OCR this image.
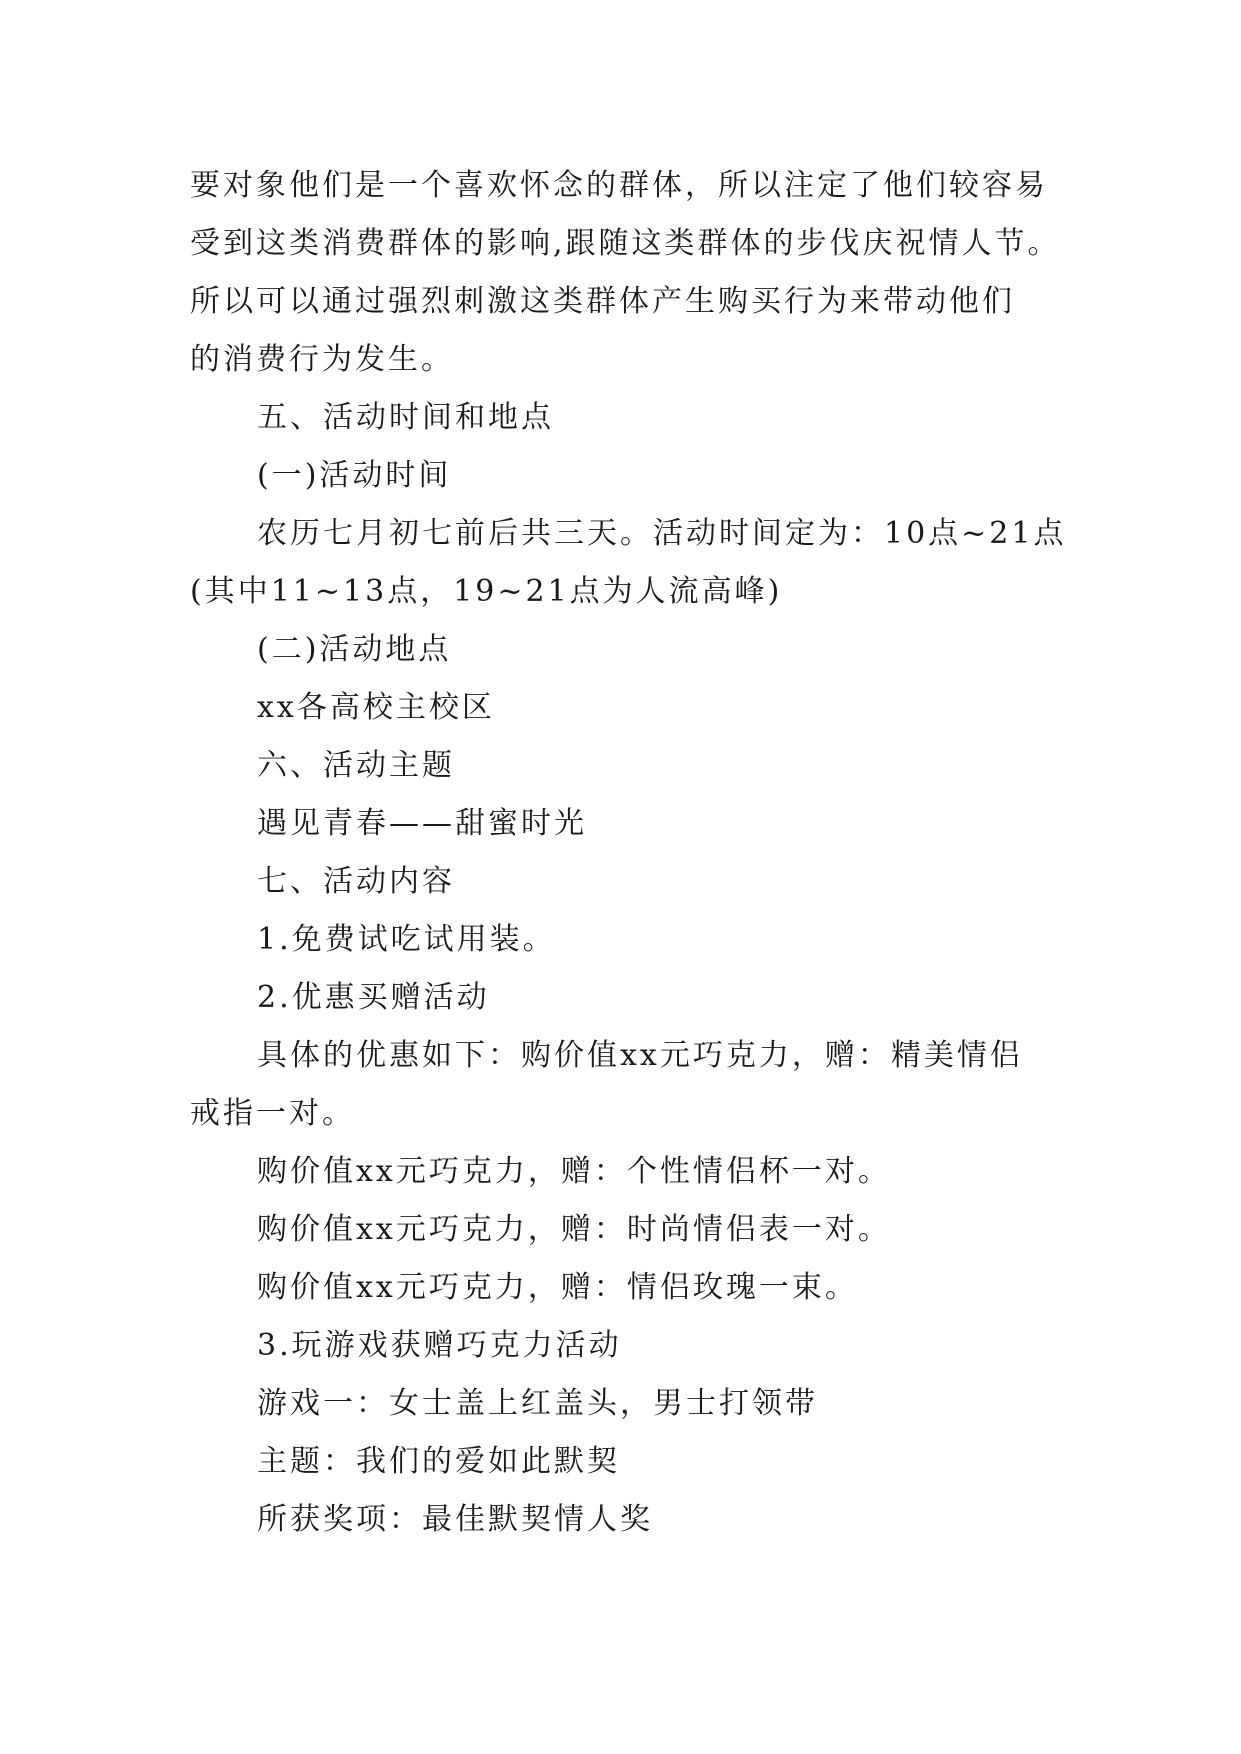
要对象他们是一个喜欢怀念的群体，所以注定了他们较容易
受到这类消费群体的影响,跟随这类群体的步伐庆祝情人节。
所以可以通过强烈刺激这类群体产生购买行为来带动他们
的消费行为发生。
五、活动时间和地点
(一)活动时间
农历七月初七前后共三天。活动时间定为：10点~21点
(其中11~13点，19~21点为人流高峰)
(二)活动地点
xx各高校主校区
六、活动主题
遇见青春——甜蜜时光
七、活动内容
1.免费试吃试用装。
2.优惠买赠活动
具体的优惠如下：购价值xx元巧克力，赠：精美情侣
戒指一对。
购价值xx元巧克力，赠：个性情侣杯一对。
购价值xx元巧克力，赠：时尚情侣表一对。
购价值xx元巧克力，赠：情侣玫瑰一束。
3.玩游戏获赠巧克力活动
游戏一：女士盖上红盖头，男士打领带
主题：我们的爱如此默契
所获奖项：最佳默契情人奖
